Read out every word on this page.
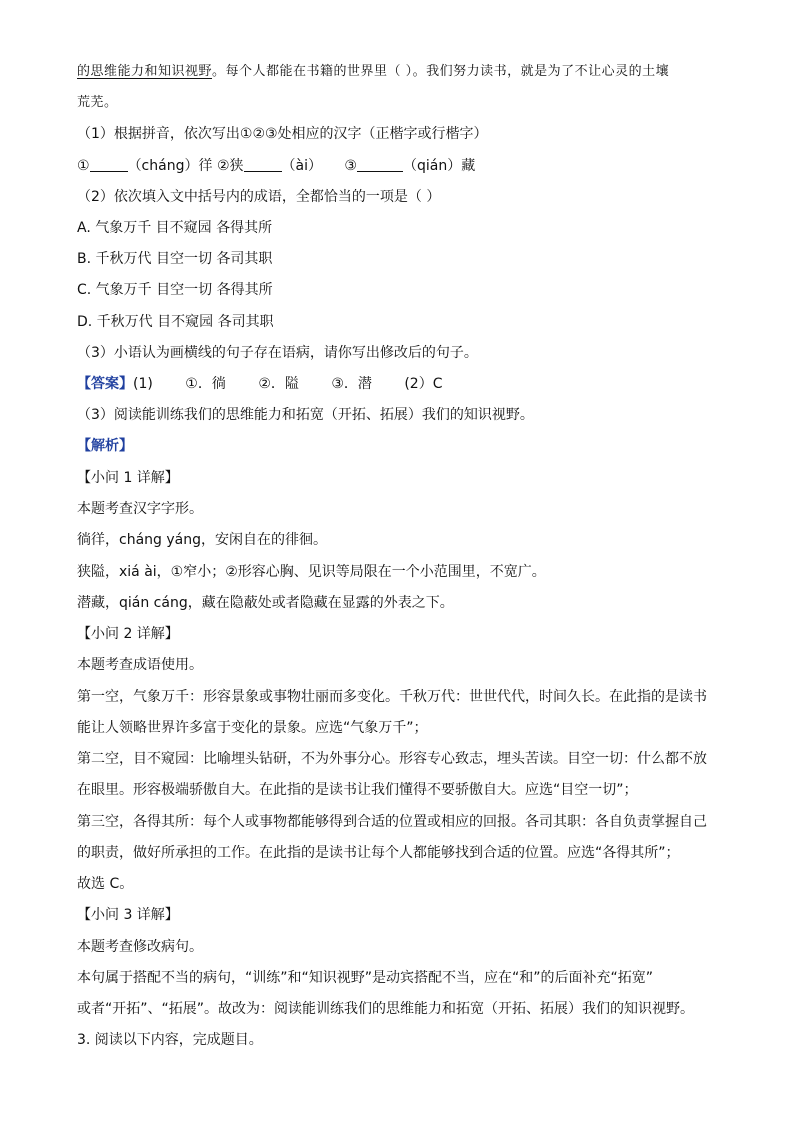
的思维能力和知识视野。每个人都能在书籍的世界里（ ）。我们努力读书，就是为了不让心灵的土壤
荒芜。
（1）根据拼音，依次写出①②③处相应的汉字（正楷字或行楷字）
①	（cháng）徉 ②狭	（ài） ③	（qián）藏
（2）依次填入文中括号内的成语，全都恰当的一项是（ ）
A. 气象万千 目不窥园 各得其所
B. 千秋万代 目空一切 各司其职
C. 气象万千 目空一切 各得其所
D. 千秋万代 目不窥园 各司其职
（3）小语认为画横线的句子存在语病，请你写出修改后的句子。
【答案】(1) ①．徜 ②．隘 ③．潜 (2）C
（3）阅读能训练我们的思维能力和拓宽（开拓、拓展）我们的知识视野。
【解析】
【小问 1 详解】
本题考查汉字字形。
徜徉，cháng yáng，安闲自在的徘徊。
狭隘，xiá ài，①窄小；②形容心胸、见识等局限在一个小范围里，不宽广。
潜藏，qián cáng，藏在隐蔽处或者隐藏在显露的外表之下。
【小问 2 详解】
本题考查成语使用。
第一空，气象万千：形容景象或事物壮丽而多变化。千秋万代：世世代代，时间久长。在此指的是读书
能让人领略世界许多富于变化的景象。应选“气象万千”；
第二空，目不窥园：比喻埋头钻研，不为外事分心。形容专心致志，埋头苦读。目空一切：什么都不放
在眼里。形容极端骄傲自大。在此指的是读书让我们懂得不要骄傲自大。应选“目空一切”；
第三空，各得其所：每个人或事物都能够得到合适的位置或相应的回报。各司其职：各自负责掌握自己
的职责，做好所承担的工作。在此指的是读书让每个人都能够找到合适的位置。应选“各得其所”；
故选 C。
【小问 3 详解】
本题考查修改病句。
本句属于搭配不当的病句，“训练”和“知识视野”是动宾搭配不当，应在“和”的后面补充“拓宽”
或者“开拓”、“拓展”。故改为：阅读能训练我们的思维能力和拓宽（开拓、拓展）我们的知识视野。
3. 阅读以下内容，完成题目。
